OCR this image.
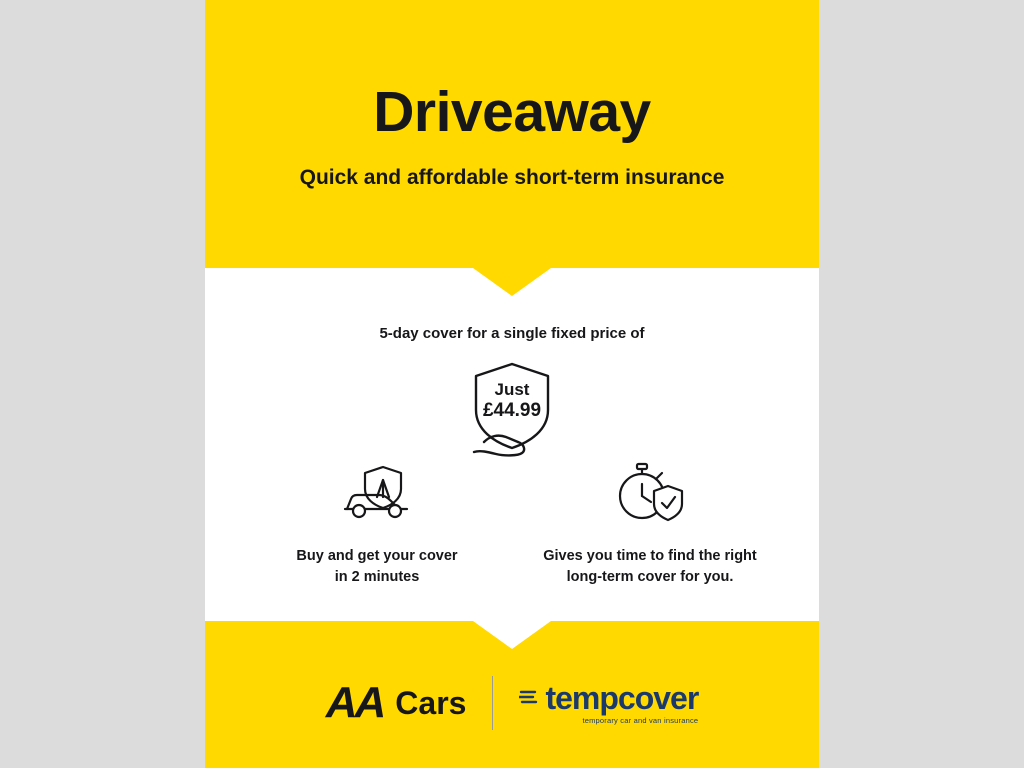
Driveaway
Quick and affordable short-term insurance
5-day cover for a single fixed price of
Just
£44.99
Buy and get your cover
in 2 minutes
Gives you time to find the right
long-term cover for you.
AA Cars tempcover
temporary car and van insurance
